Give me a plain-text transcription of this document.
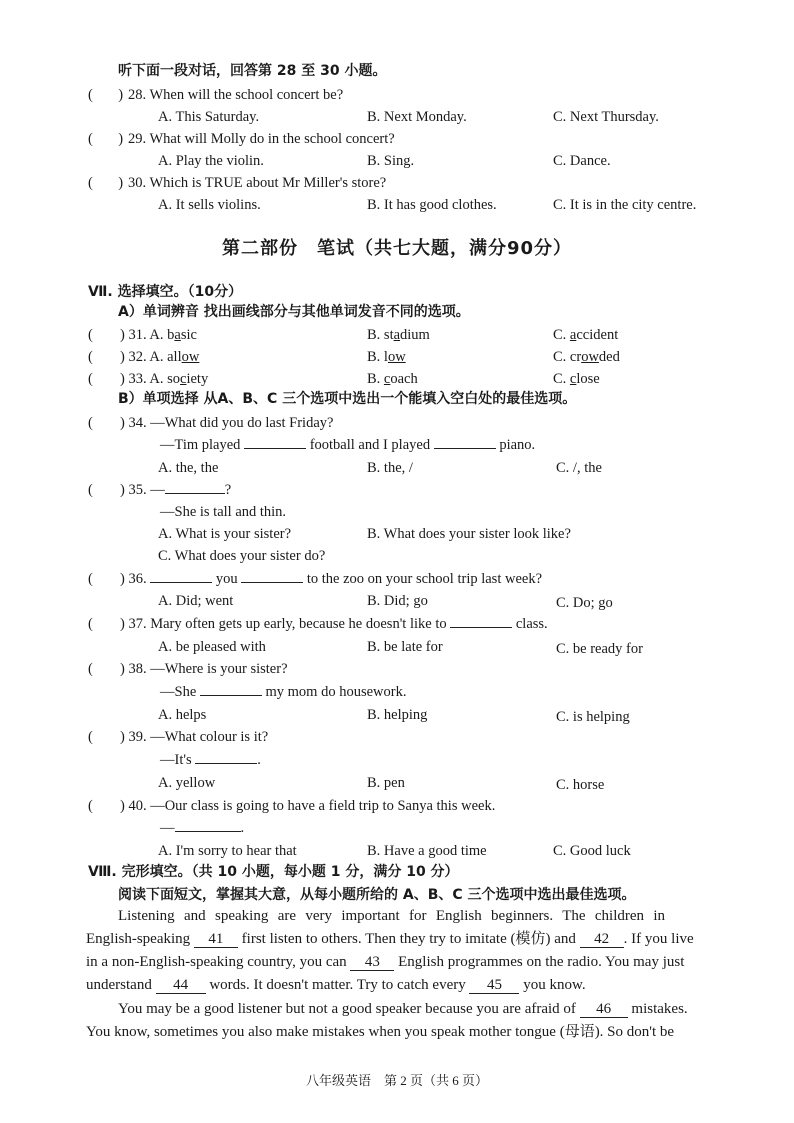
听下面一段对话，回答第 28 至 30 小题。
(       ) 28. When will the school concert be?
A. This Saturday.	B. Next Monday.	C. Next Thursday.
(       ) 29. What will Molly do in the school concert?
A. Play the violin.	B. Sing.	C. Dance.
(       ) 30. Which is TRUE about Mr Miller's store?
A. It sells violins.	B. It has good clothes.	C. It is in the city centre.
第二部份　笔试（共七大题，满分90分）
Ⅶ. 选择填空。（10分）
A）单词辨音 找出画线部分与其他单词发音不同的选项。
( ) 31. A. basic	B. stadium	C. accident
( ) 32. A. allow	B. low	C. crowded
( ) 33. A. society	B. coach	C. close
B）单项选择 从A、B、C 三个选项中选出一个能填入空白处的最佳选项。
( ) 34. —What did you do last Friday?
—Tim played	football and I played	piano.
A. the, the	B. the, /	C. /, the
( ) 35. —	?
—She is tall and thin.
A. What is your sister?	B. What does your sister look like?
C. What does your sister do?
( ) 36.	you	to the zoo on your school trip last week?
A. Did; went	B. Did; go	C. Do; go
( ) 37. Mary often gets up early, because he doesn't like to	class.
A. be pleased with	B. be late for	C. be ready for
( ) 38. —Where is your sister?
—She	my mom do housework.
A. helps	B. helping	C. is helping
( ) 39. —What colour is it?
—It's	.
A. yellow	B. pen	C. horse
( ) 40. —Our class is going to have a field trip to Sanya this week.
—	.
A. I'm sorry to hear that	B. Have a good time	C. Good luck
Ⅷ. 完形填空。（共 10 小题，每小题 1 分，满分 10 分）
阅读下面短文，掌握其大意，从每小题所给的 A、B、C 三个选项中选出最佳选项。
Listening and speaking are very important for English beginners. The children in
English-speaking 41 first listen to others. Then they try to imitate (模仿) and 42 . If you live
in a non-English-speaking country, you can 43 English programmes on the radio. You may just
understand 44 words. It doesn't matter. Try to catch every 45 you know.
You may be a good listener but not a good speaker because you are afraid of 46 mistakes.
You know, sometimes you also make mistakes when you speak mother tongue (母语). So don't be
八年级英语　第 2 页（共 6 页）
